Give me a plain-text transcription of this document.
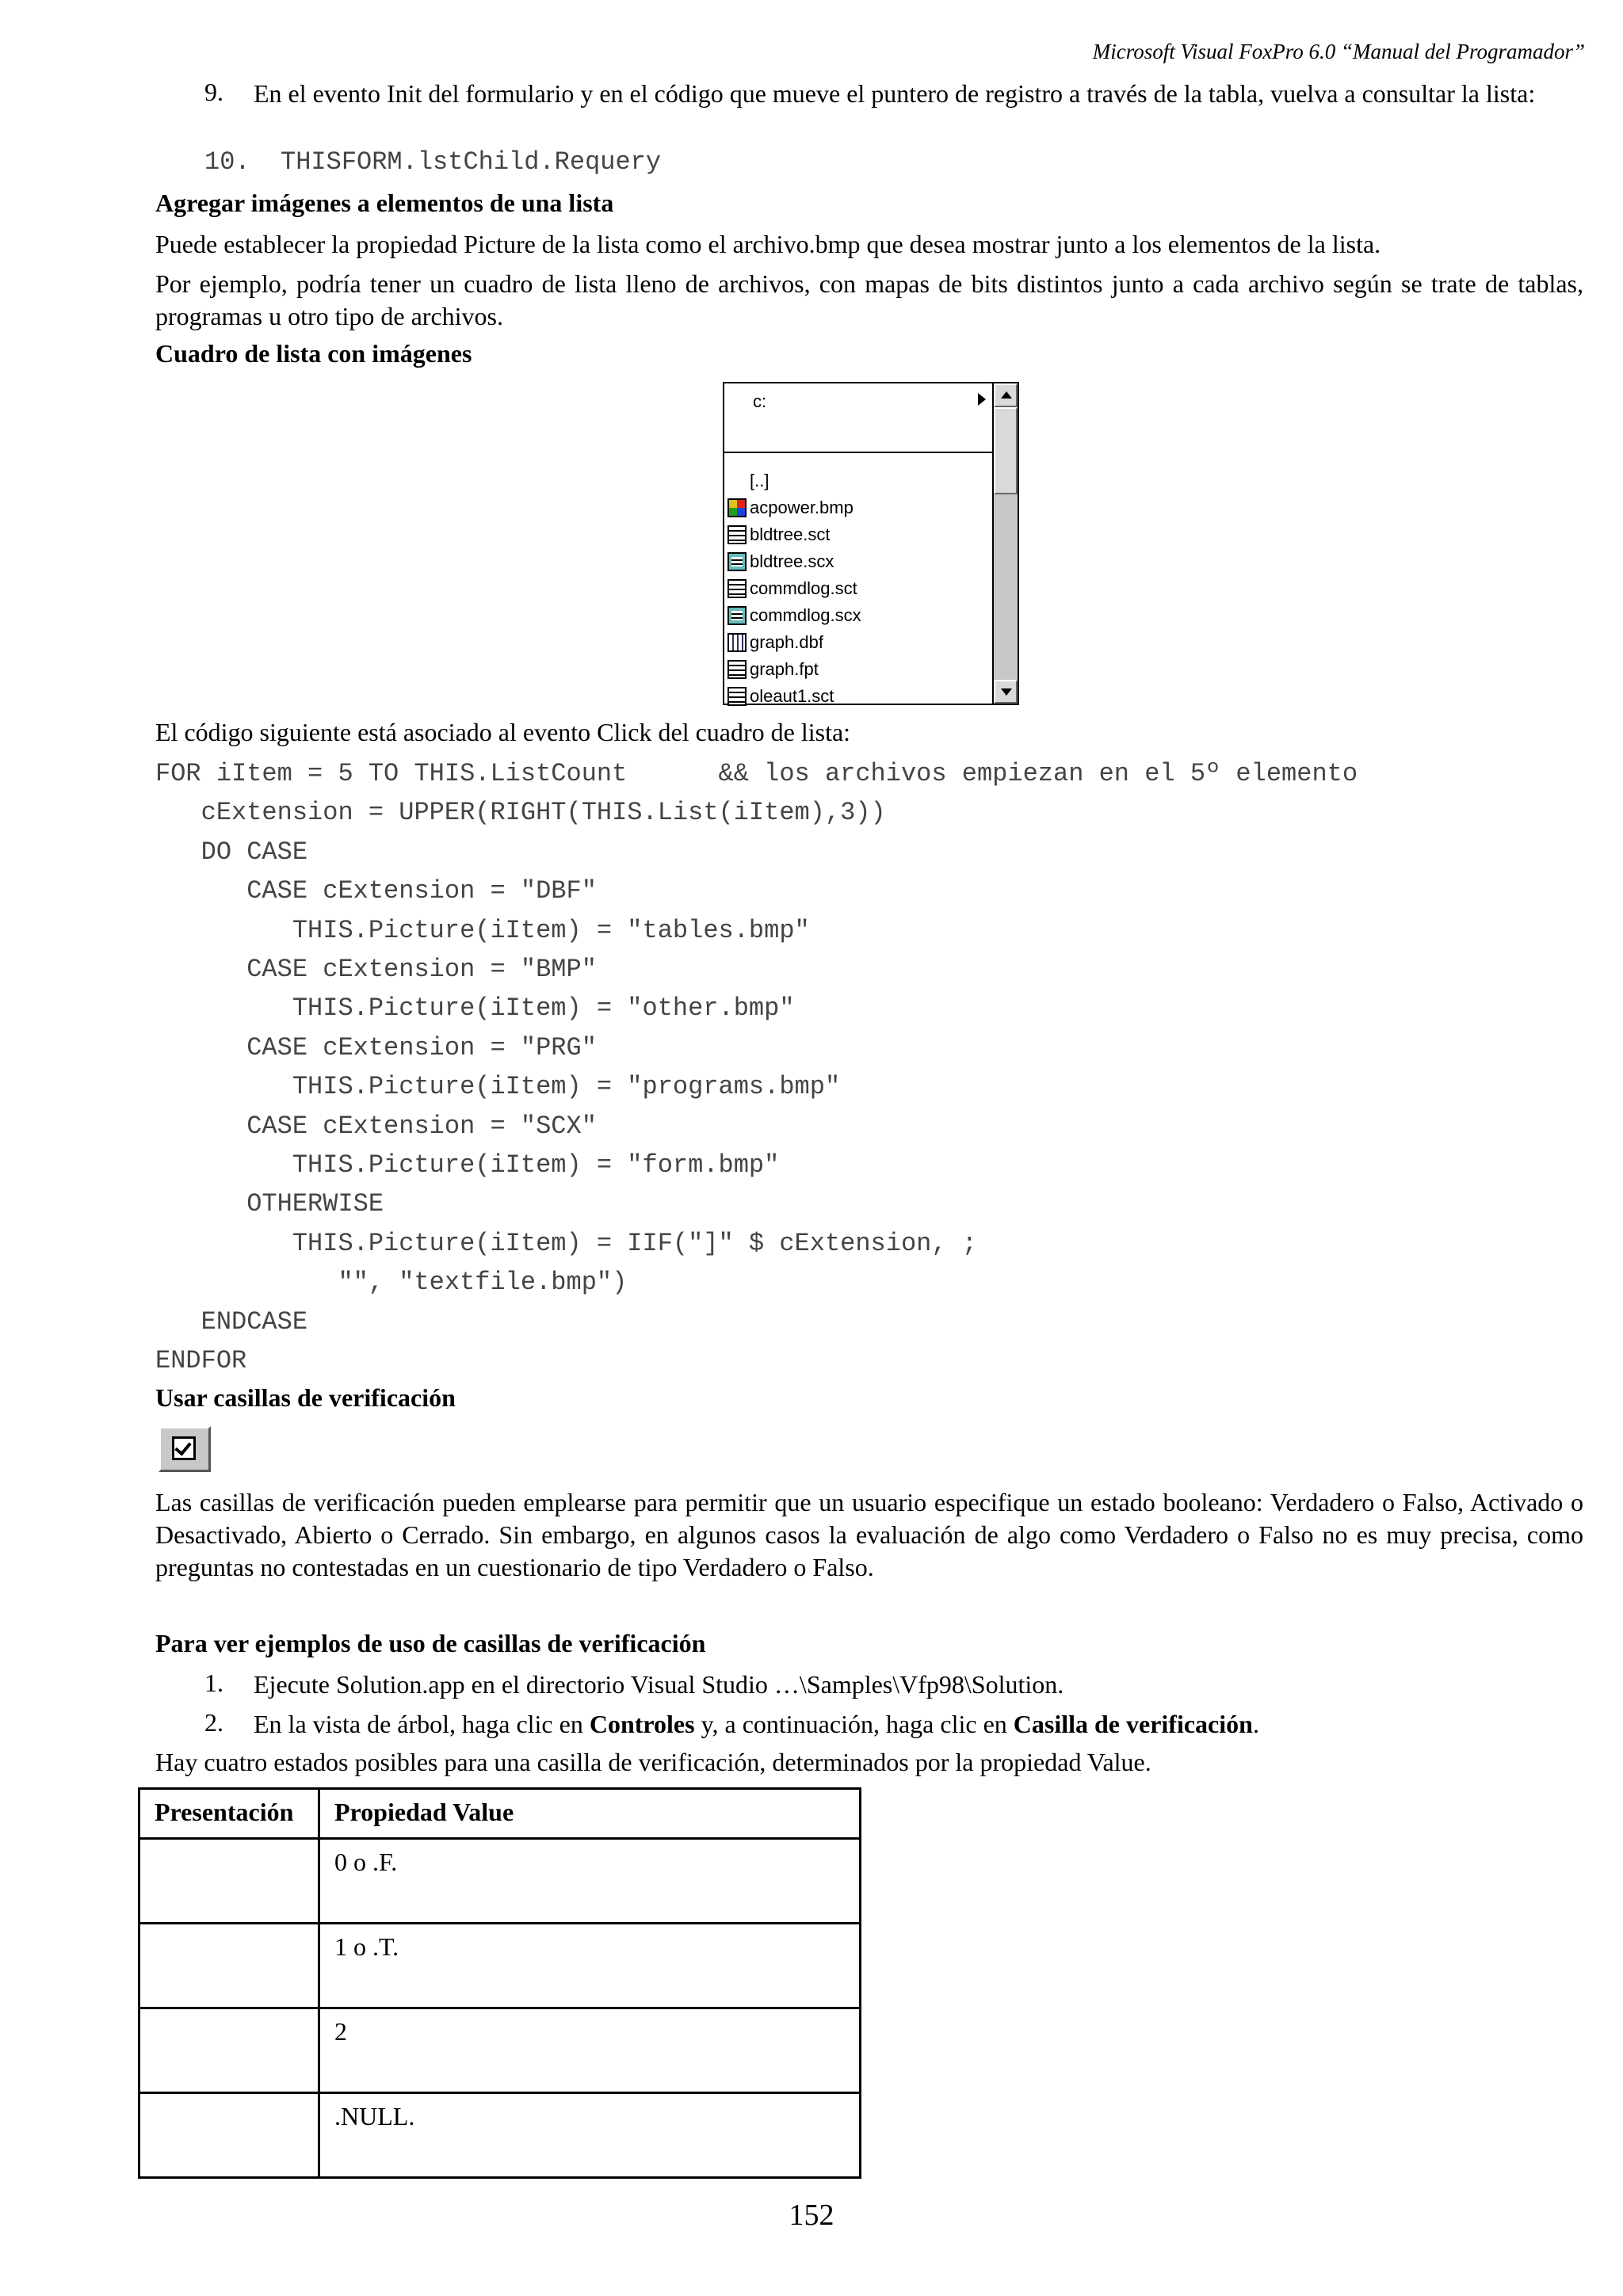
Microsoft Visual FoxPro 6.0 “Manual del Programador”
9. En el evento Init del formulario y en el código que mueve el puntero de registro a través de la tabla, vuelva a consultar la lista:
10. THISFORM.lstChild.Requery
Agregar imágenes a elementos de una lista

Puede establecer la propiedad Picture de la lista como el archivo.bmp que desea mostrar junto a los elementos de la lista.

Por ejemplo, podría tener un cuadro de lista lleno de archivos, con mapas de bits distintos junto a cada archivo según se trate de tablas, programas u otro tipo de archivos.

Cuadro de lista con imágenes
c:
[..]
acpower.bmp
bldtree.sct
bldtree.scx
commdlog.sct
commdlog.scx
graph.dbf
graph.fpt
oleaut1.sct

El código siguiente está asociado al evento Click del cuadro de lista:

FOR iItem = 5 TO THIS.ListCount      && los archivos empiezan en el 5º elemento
cExtension = UPPER(RIGHT(THIS.List(iItem),3))
DO CASE
CASE cExtension = "DBF"
THIS.Picture(iItem) = "tables.bmp"
CASE cExtension = "BMP"
THIS.Picture(iItem) = "other.bmp"
CASE cExtension = "PRG"
THIS.Picture(iItem) = "programs.bmp"
CASE cExtension = "SCX"
THIS.Picture(iItem) = "form.bmp"
OTHERWISE
THIS.Picture(iItem) = IIF("]" $ cExtension, ;
"", "textfile.bmp")
ENDCASE
ENDFOR
Usar casillas de verificación

Las casillas de verificación pueden emplearse para permitir que un usuario especifique un estado booleano: Verdadero o Falso, Activado o Desactivado, Abierto o Cerrado. Sin embargo, en algunos casos la evaluación de algo como Verdadero o Falso no es muy precisa, como preguntas no contestadas en un cuestionario de tipo Verdadero o Falso.

Para ver ejemplos de uso de casillas de verificación
1. Ejecute Solution.app en el directorio Visual Studio …\Samples\Vfp98\Solution.
2. En la vista de árbol, haga clic en Controles y, a continuación, haga clic en Casilla de verificación.

Hay cuatro estados posibles para una casilla de verificación, determinados por la propiedad Value.

Presentación	Propiedad Value
	0 o .F.
	1 o .T.
	2
	.NULL.
152
